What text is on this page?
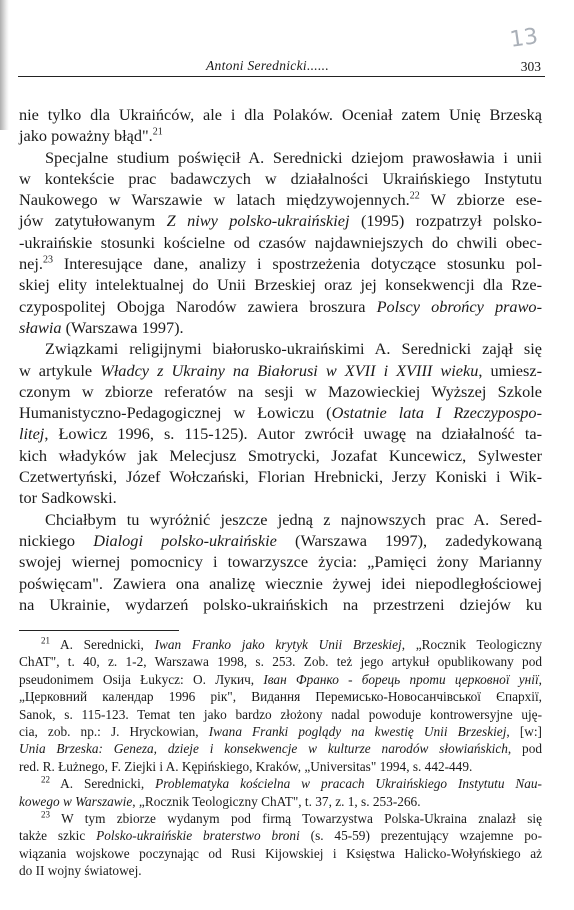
13
Antoni Serednicki......	303

nie tylko dla Ukraińców, ale i dla Polaków. Oceniał zatem Unię Brzeską

jako poważny błąd".$^{21}$

Specjalne studium poświęcił A. Serednicki dziejom prawosławia i unii

w kontekście prac badawczych w działalności Ukraińskiego Instytutu

Naukowego w Warszawie w latach międzywojennych.$^{22}$ W zbiorze ese-

jów zatytułowanym Z niwy polsko-ukraińskiej (1995) rozpatrzył polsko-

-ukraińskie stosunki kościelne od czasów najdawniejszych do chwili obec-

nej.$^{23}$ Interesujące dane, analizy i spostrzeżenia dotyczące stosunku pol-

skiej elity intelektualnej do Unii Brzeskiej oraz jej konsekwencji dla Rze-

czypospolitej Obojga Narodów zawiera broszura Polscy obrońcy prawo-

sławia (Warszawa 1997).

Związkami religijnymi białorusko-ukraińskimi A. Serednicki zajął się

w artykule Władcy z Ukrainy na Białorusi w XVII i XVIII wieku, umiesz-

czonym w zbiorze referatów na sesji w Mazowieckiej Wyższej Szkole

Humanistyczno-Pedagogicznej w Łowiczu (Ostatnie lata I Rzeczypospo-

litej, Łowicz 1996, s. 115-125). Autor zwrócił uwagę na działalność ta-

kich władyków jak Melecjusz Smotrycki, Jozafat Kuncewicz, Sylwester

Czetwertyński, Józef Wołczański, Florian Hrebnicki, Jerzy Koniski i Wik-

tor Sadkowski.

Chciałbym tu wyróżnić jeszcze jedną z najnowszych prac A. Sered-

nickiego Dialogi polsko-ukraińskie (Warszawa 1997), zadedykowaną

swojej wiernej pomocnicy i towarzyszce życia: „Pamięci żony Marianny

poświęcam". Zawiera ona analizę wiecznie żywej idei niepodległościowej

na Ukrainie, wydarzeń polsko-ukraińskich na przestrzeni dziejów ku

$^{21}$ A. Serednicki, Iwan Franko jako krytyk Unii Brzeskiej, „Rocznik Teologiczny

ChAT", t. 40, z. 1-2, Warszawa 1998, s. 253. Zob. też jego artykuł opublikowany pod

pseudonimem Osija Łukycz: О. Лукич, Іван Франко - борець проти церковної унії,

„Церковний календар 1996 рік", Видання Перемисько-Новосанчівської Єпархії,

Sanok, s. 115-123. Temat ten jako bardzo złożony nadal powoduje kontrowersyjne uję-

cia, zob. np.: J. Hryckowian, Iwana Franki poglądy na kwestię Unii Brzeskiej, [w:]

Unia Brzeska: Geneza, dzieje i konsekwencje w kulturze narodów słowiańskich, pod

red. R. Łużnego, F. Ziejki i A. Kępińskiego, Kraków, „Universitas" 1994, s. 442-449.

$^{22}$ A. Serednicki, Problematyka kościelna w pracach Ukraińskiego Instytutu Nau-

kowego w Warszawie, „Rocznik Teologiczny ChAT", t. 37, z. 1, s. 253-266.

$^{23}$ W tym zbiorze wydanym pod firmą Towarzystwa Polska-Ukraina znalazł się

także szkic Polsko-ukraińskie braterstwo broni (s. 45-59) prezentujący wzajemne po-

wiązania wojskowe poczynając od Rusi Kijowskiej i Księstwa Halicko-Wołyńskiego aż

do II wojny światowej.
